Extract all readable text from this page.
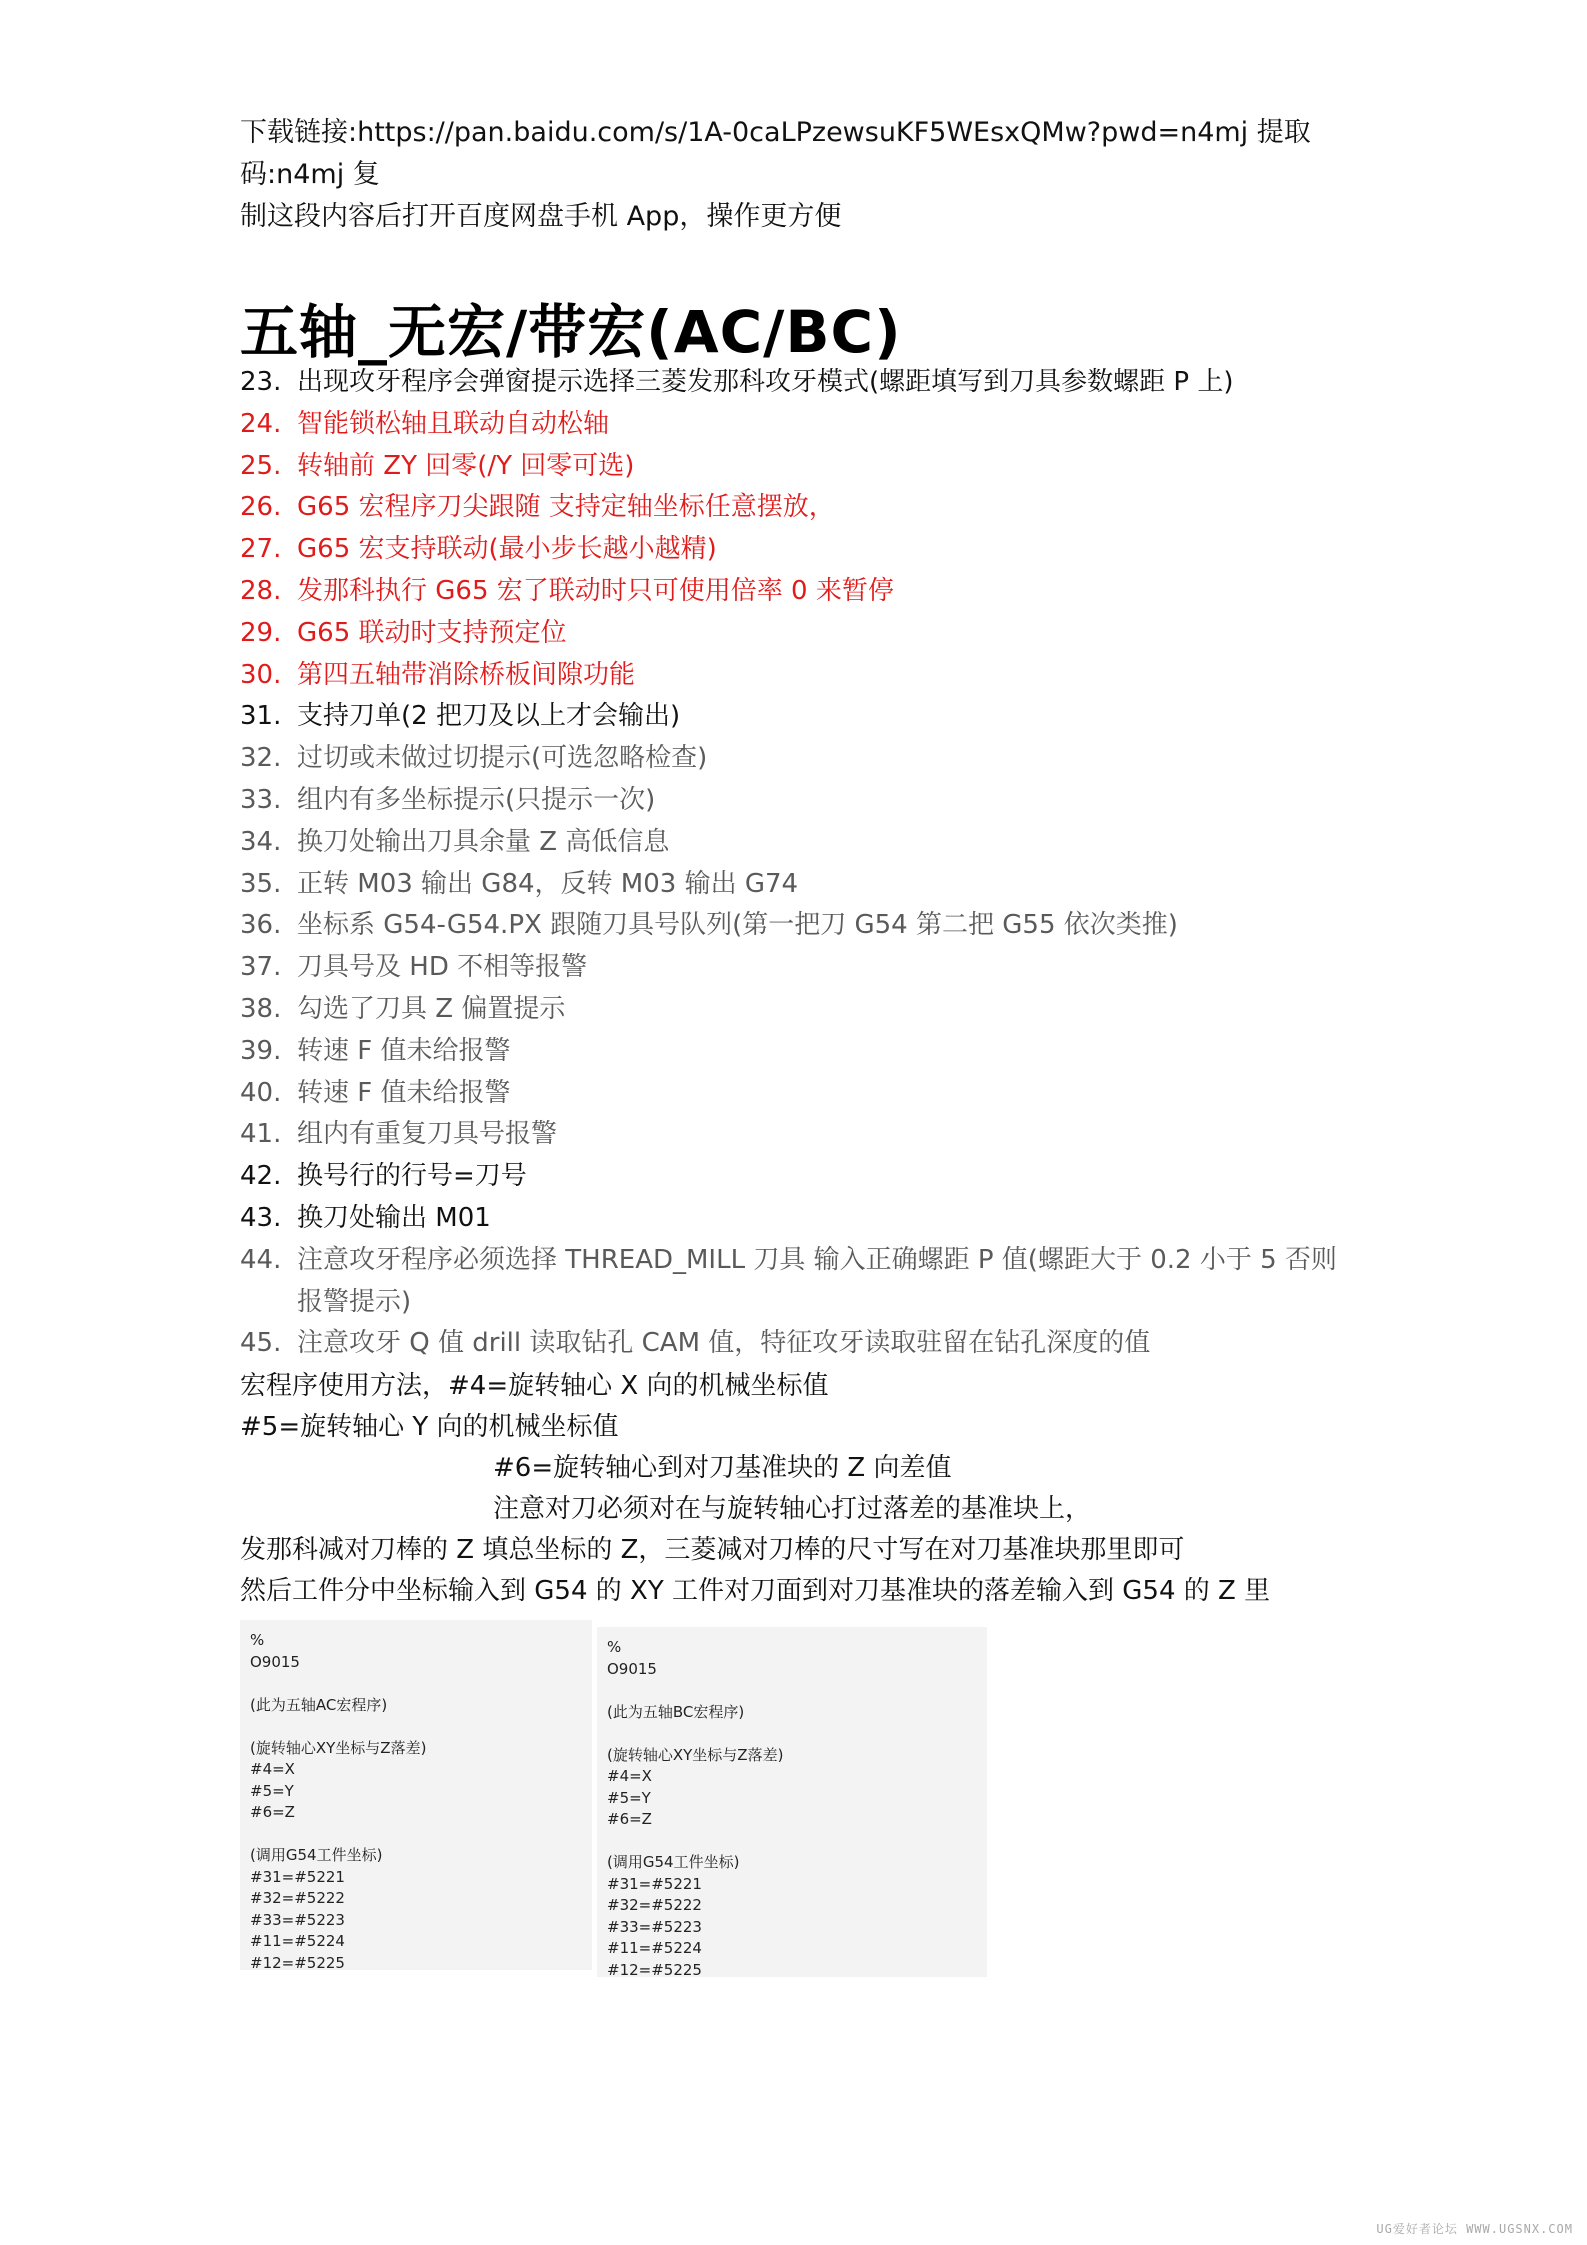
下载链接:https://pan.baidu.com/s/1A-0caLPzewsuKF5WEsxQMw?pwd=n4mj 提取码:n4mj 复
制这段内容后打开百度网盘手机 App，操作更方便
五轴_无宏/带宏(AC/BC)
23. 出现攻牙程序会弹窗提示选择三菱发那科攻牙模式(螺距填写到刀具参数螺距 P 上)
24. 智能锁松轴且联动自动松轴
25. 转轴前 ZY 回零(/Y 回零可选)
26. G65 宏程序刀尖跟随 支持定轴坐标任意摆放，
27. G65 宏支持联动(最小步长越小越精)
28. 发那科执行 G65 宏了联动时只可使用倍率 0 来暂停
29. G65 联动时支持预定位
30. 第四五轴带消除桥板间隙功能
31. 支持刀单(2 把刀及以上才会输出)
32. 过切或未做过切提示(可选忽略检查)
33. 组内有多坐标提示(只提示一次)
34. 换刀处输出刀具余量 Z 高低信息
35. 正转 M03 输出 G84，反转 M03 输出 G74
36. 坐标系 G54-G54.PX 跟随刀具号队列(第一把刀 G54 第二把 G55 依次类推)
37. 刀具号及 HD 不相等报警
38. 勾选了刀具 Z 偏置提示
39. 转速 F 值未给报警
40. 转速 F 值未给报警
41. 组内有重复刀具号报警
42. 换号行的行号=刀号
43. 换刀处输出 M01
44. 注意攻牙程序必须选择 THREAD_MILL 刀具 输入正确螺距 P 值(螺距大于 0.2 小于 5 否则报警提示)
45. 注意攻牙 Q 值 drill 读取钻孔 CAM 值，特征攻牙读取驻留在钻孔深度的值
宏程序使用方法，#4=旋转轴心 X 向的机械坐标值
#5=旋转轴心 Y 向的机械坐标值
#6=旋转轴心到对刀基准块的 Z 向差值
注意对刀必须对在与旋转轴心打过落差的基准块上，
发那科减对刀棒的 Z 填总坐标的 Z，三菱减对刀棒的尺寸写在对刀基准块那里即可
然后工件分中坐标输入到 G54 的 XY 工件对刀面到对刀基准块的落差输入到 G54 的 Z 里
%
O9015
(此为五轴AC宏程序)
(旋转轴心XY坐标与Z落差)
#4=X
#5=Y
#6=Z
(调用G54工件坐标)
#31=#5221
#32=#5222
#33=#5223
#11=#5224
#12=#5225
%
O9015
(此为五轴BC宏程序)
(旋转轴心XY坐标与Z落差)
#4=X
#5=Y
#6=Z
(调用G54工件坐标)
#31=#5221
#32=#5222
#33=#5223
#11=#5224
#12=#5225
UG爱好者论坛 WWW.UGSNX.COM
